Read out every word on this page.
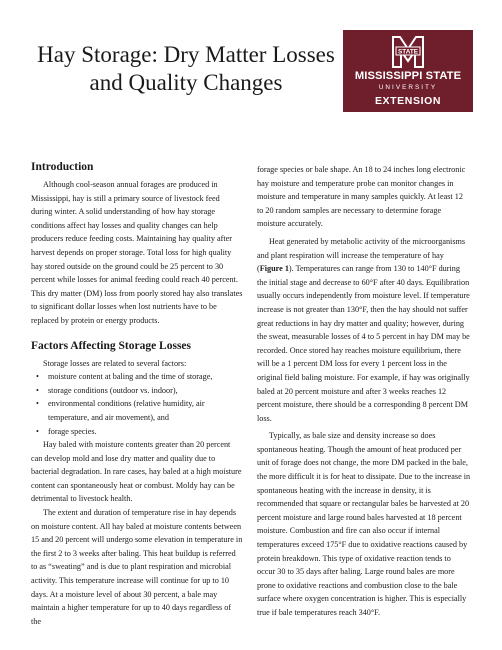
Hay Storage: Dry Matter Losses and Quality Changes
STATE
MISSISSIPPI STATE
UNIVERSITY
EXTENSION
Introduction

Although cool-season annual forages are produced in Mississippi, hay is still a primary source of livestock feed during winter. A solid understanding of how hay storage conditions affect hay losses and quality changes can help producers reduce feeding costs. Maintaining hay quality after harvest depends on proper storage. Total loss for high quality hay stored outside on the ground could be 25 percent to 30 percent while losses for animal feeding could reach 40 percent. This dry matter (DM) loss from poorly stored hay also translates to significant dollar losses when lost nutrients have to be replaced by protein or energy products.

Factors Affecting Storage Losses

Storage losses are related to several factors:

• moisture content at baling and the time of storage,
• storage conditions (outdoor vs. indoor),
• environmental conditions (relative humidity, air temperature, and air movement), and
• forage species.

Hay baled with moisture contents greater than 20 percent can develop mold and lose dry matter and quality due to bacterial degradation. In rare cases, hay baled at a high moisture content can spontaneously heat or combust. Moldy hay can be detrimental to livestock health.

The extent and duration of temperature rise in hay depends on moisture content. All hay baled at moisture contents between 15 and 20 percent will undergo some elevation in temperature in the first 2 to 3 weeks after baling. This heat buildup is referred to as “sweating” and is due to plant respiration and microbial activity. This temperature increase will continue for up to 10 days. At a moisture level of about 30 percent, a bale may maintain a higher temperature for up to 40 days regardless of the

forage species or bale shape. An 18 to 24 inches long electronic hay moisture and temperature probe can monitor changes in moisture and temperature in many samples quickly. At least 12 to 20 random samples are necessary to determine forage moisture accurately.

Heat generated by metabolic activity of the microorganisms and plant respiration will increase the temperature of hay (Figure 1). Temperatures can range from 130 to 140°F during the initial stage and decrease to 60°F after 40 days. Equilibration usually occurs independently from moisture level. If temperature increase is not greater than 130°F, then the hay should not suffer great reductions in hay dry matter and quality; however, during the sweat, measurable losses of 4 to 5 percent in hay DM may be recorded. Once stored hay reaches moisture equilibrium, there will be a 1 percent DM loss for every 1 percent loss in the original field baling moisture. For example, if hay was originally baled at 20 percent moisture and after 3 weeks reaches 12 percent moisture, there should be a corresponding 8 percent DM loss.

Typically, as bale size and density increase so does spontaneous heating. Though the amount of heat produced per unit of forage does not change, the more DM packed in the bale, the more difficult it is for heat to dissipate. Due to the increase in spontaneous heating with the increase in density, it is recommended that square or rectangular bales be harvested at 20 percent moisture and large round bales harvested at 18 percent moisture. Combustion and fire can also occur if internal temperatures exceed 175°F due to oxidative reactions caused by protein breakdown. This type of oxidative reaction tends to occur 30 to 35 days after baling. Large round bales are more prone to oxidative reactions and combustion close to the bale surface where oxygen concentration is higher. This is especially true if bale temperatures reach 340°F.
